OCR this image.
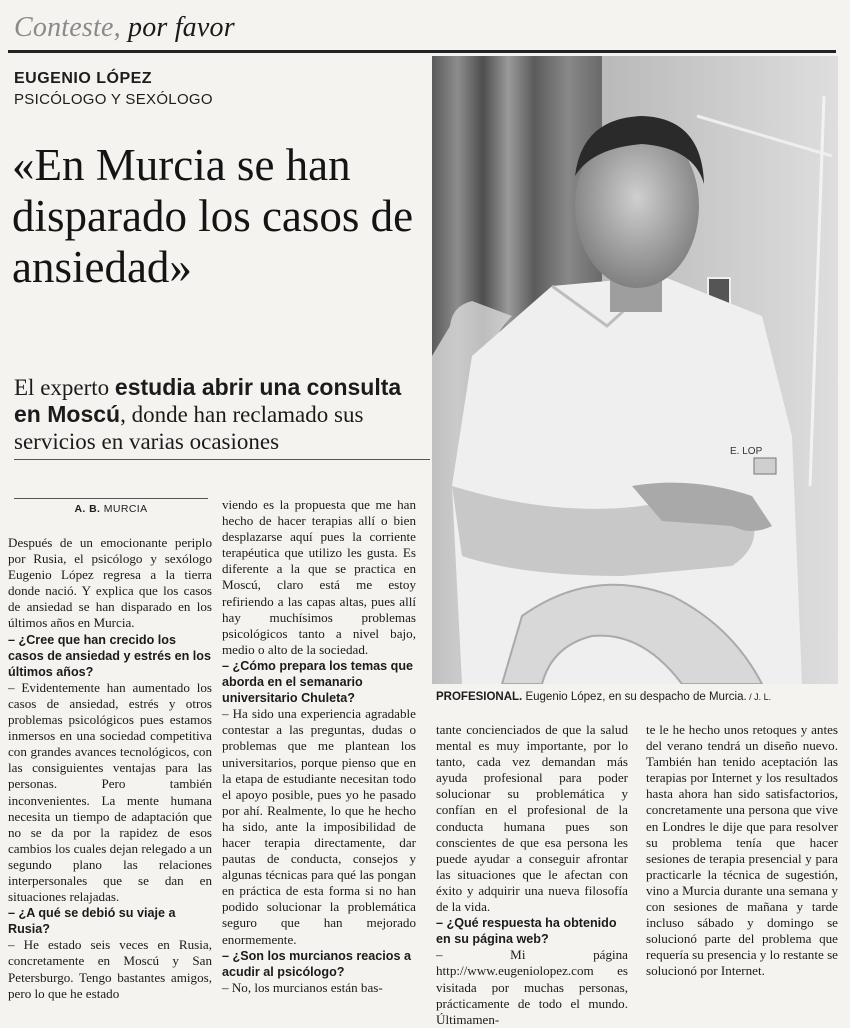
Conteste, por favor
EUGENIO LÓPEZ
PSICÓLOGO Y SEXÓLOGO
«En Murcia se han disparado los casos de ansiedad»
El experto estudia abrir una consulta en Moscú, donde han reclamado sus servicios en varias ocasiones
A. B. MURCIA

Después de un emocionante periplo por Rusia, el psicólogo y sexólogo Eugenio López regresa a la tierra donde nació. Y explica que los casos de ansiedad se han disparado en los últimos años en Murcia.

– ¿Cree que han crecido los casos de ansiedad y estrés en los últimos años?

– Evidentemente han aumentado los casos de ansiedad, estrés y otros problemas psicológicos pues estamos inmersos en una sociedad competitiva con grandes avances tecnológicos, con las consiguientes ventajas para las personas. Pero también inconvenientes. La mente humana necesita un tiempo de adaptación que no se da por la rapidez de esos cambios los cuales dejan relegado a un segundo plano las relaciones interpersonales que se dan en situaciones relajadas.

– ¿A qué se debió su viaje a Rusia?

– He estado seis veces en Rusia, concretamente en Moscú y San Petersburgo. Tengo bastantes amigos, pero lo que he estado

viendo es la propuesta que me han hecho de hacer terapias allí o bien desplazarse aquí pues la corriente terapéutica que utilizo les gusta. Es diferente a la que se practica en Moscú, claro está me estoy refiriendo a las capas altas, pues allí hay muchísimos problemas psicológicos tanto a nivel bajo, medio o alto de la sociedad.

– ¿Cómo prepara los temas que aborda en el semanario universitario Chuleta?

– Ha sido una experiencia agradable contestar a las preguntas, dudas o problemas que me plantean los universitarios, porque pienso que en la etapa de estudiante necesitan todo el apoyo posible, pues yo he pasado por ahí. Realmente, lo que he hecho ha sido, ante la imposibilidad de hacer terapia directamente, dar pautas de conducta, consejos y algunas técnicas para qué las pongan en práctica de esta forma si no han podido solucionar la problemática seguro que han mejorado enormemente.

– ¿Son los murcianos reacios a acudir al psicólogo?

– No, los murcianos están bas-

tante concienciados de que la salud mental es muy importante, por lo tanto, cada vez demandan más ayuda profesional para poder solucionar su problemática y confían en el profesional de la conducta humana pues son conscientes de que esa persona les puede ayudar a conseguir afrontar las situaciones que le afectan con éxito y adquirir una nueva filosofía de la vida.

– ¿Qué respuesta ha obtenido en su página web?

– Mi página http://www.eugeniolopez.com es visitada por muchas personas, prácticamente de todo el mundo. Últimamen-

te le he hecho unos retoques y antes del verano tendrá un diseño nuevo. También han tenido aceptación las terapias por Internet y los resultados hasta ahora han sido satisfactorios, concretamente una persona que vive en Londres le dije que para resolver su problema tenía que hacer sesiones de terapia presencial y para practicarle la técnica de sugestión, vino a Murcia durante una semana y con sesiones de mañana y tarde incluso sábado y domingo se solucionó parte del problema que requería su presencia y lo restante se solucionó por Internet.

E. LOP
PROFESIONAL. Eugenio López, en su despacho de Murcia. / J. L.
